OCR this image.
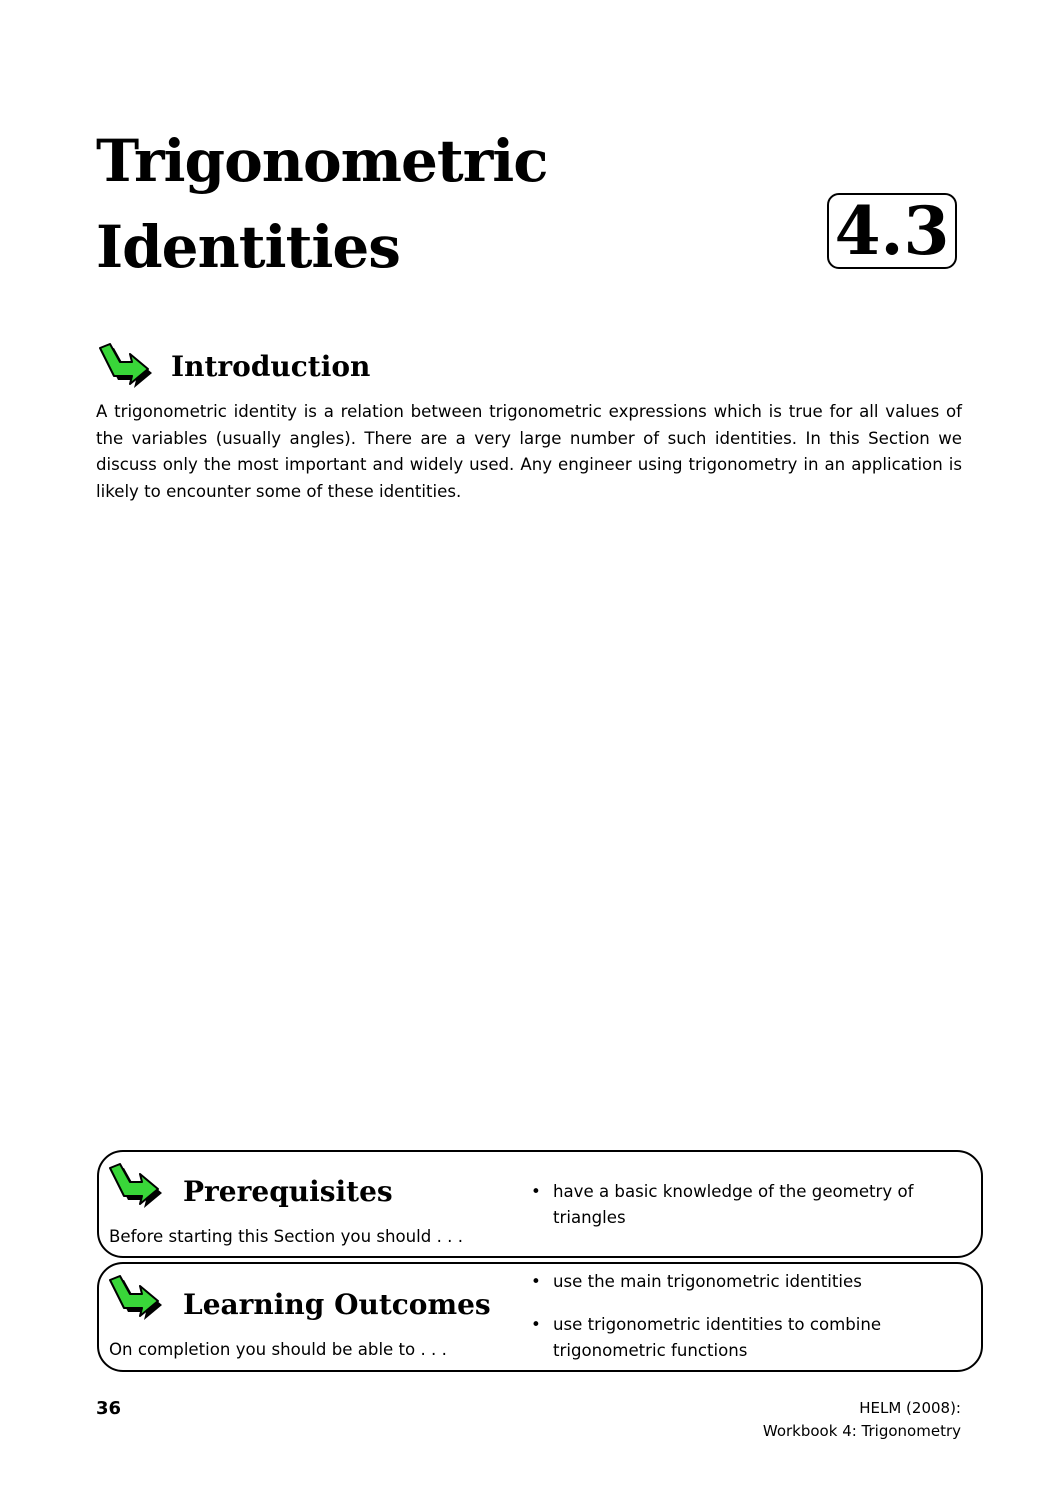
Trigonometric
Identities	4.3
Introduction
A trigonometric identity is a relation between trigonometric expressions which is true for all values of the variables (usually angles). There are a very large number of such identities. In this Section we discuss only the most important and widely used. Any engineer using trigonometry in an application is likely to encounter some of these identities.
Prerequisites
Before starting this Section you should . . .
• have a basic knowledge of the geometry of triangles
Learning Outcomes
On completion you should be able to . . .
• use the main trigonometric identities
• use trigonometric identities to combine trigonometric functions
36	HELM (2008):
Workbook 4: Trigonometry
